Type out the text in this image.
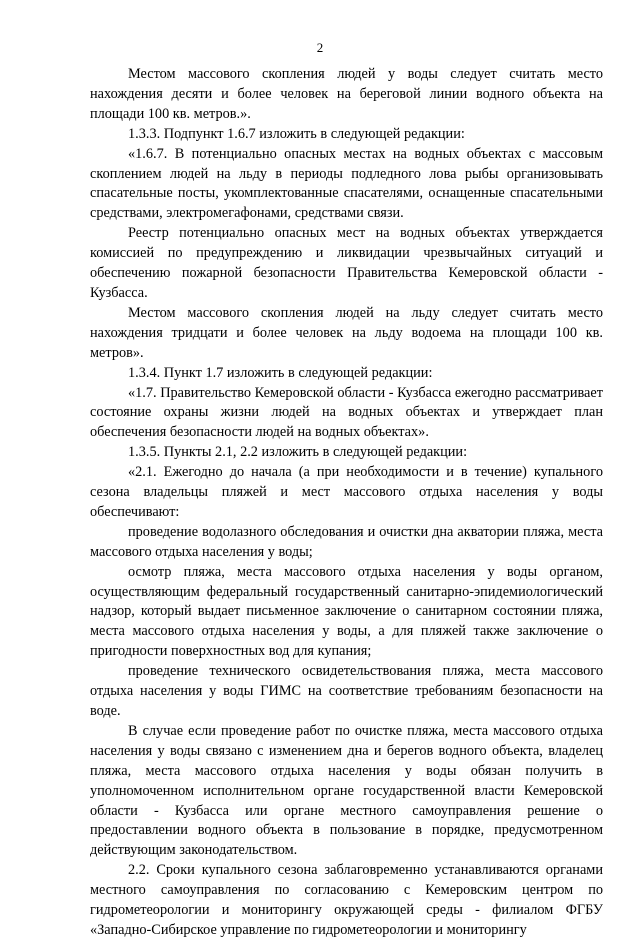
2

Местом массового скопления людей у воды следует считать место нахождения десяти и более человек на береговой линии водного объекта на площади 100 кв. метров.».

1.3.3. Подпункт 1.6.7 изложить в следующей редакции:

«1.6.7. В потенциально опасных местах на водных объектах с массовым скоплением людей на льду в периоды подледного лова рыбы организовывать спасательные посты, укомплектованные спасателями, оснащенные спасательными средствами, электромегафонами, средствами связи.

Реестр потенциально опасных мест на водных объектах утверждается комиссией по предупреждению и ликвидации чрезвычайных ситуаций и обеспечению пожарной безопасности Правительства Кемеровской области - Кузбасса.

Местом массового скопления людей на льду следует считать место нахождения тридцати и более человек на льду водоема на площади 100 кв. метров».

1.3.4. Пункт 1.7 изложить в следующей редакции:

«1.7. Правительство Кемеровской области - Кузбасса ежегодно рассматривает состояние охраны жизни людей на водных объектах и утверждает план обеспечения безопасности людей на водных объектах».

1.3.5. Пункты 2.1, 2.2 изложить в следующей редакции:

«2.1. Ежегодно до начала (а при необходимости и в течение) купального сезона владельцы пляжей и мест массового отдыха населения у воды обеспечивают:

проведение водолазного обследования и очистки дна акватории пляжа, места массового отдыха населения у воды;

осмотр пляжа, места массового отдыха населения у воды органом, осуществляющим федеральный государственный санитарно-эпидемиологический надзор, который выдает письменное заключение о санитарном состоянии пляжа, места массового отдыха населения у воды, а для пляжей также заключение о пригодности поверхностных вод для купания;

проведение технического освидетельствования пляжа, места массового отдыха населения у воды ГИМС на соответствие требованиям безопасности на воде.

В случае если проведение работ по очистке пляжа, места массового отдыха населения у воды связано с изменением дна и берегов водного объекта, владелец пляжа, места массового отдыха населения у воды обязан получить в уполномоченном исполнительном органе государственной власти Кемеровской области - Кузбасса или органе местного самоуправления решение о предоставлении водного объекта в пользование в порядке, предусмотренном действующим законодательством.

2.2. Сроки купального сезона заблаговременно устанавливаются органами местного самоуправления по согласованию с Кемеровским центром по гидрометеорологии и мониторингу окружающей среды - филиалом ФГБУ «Западно-Сибирское управление по гидрометеорологии и мониторингу
